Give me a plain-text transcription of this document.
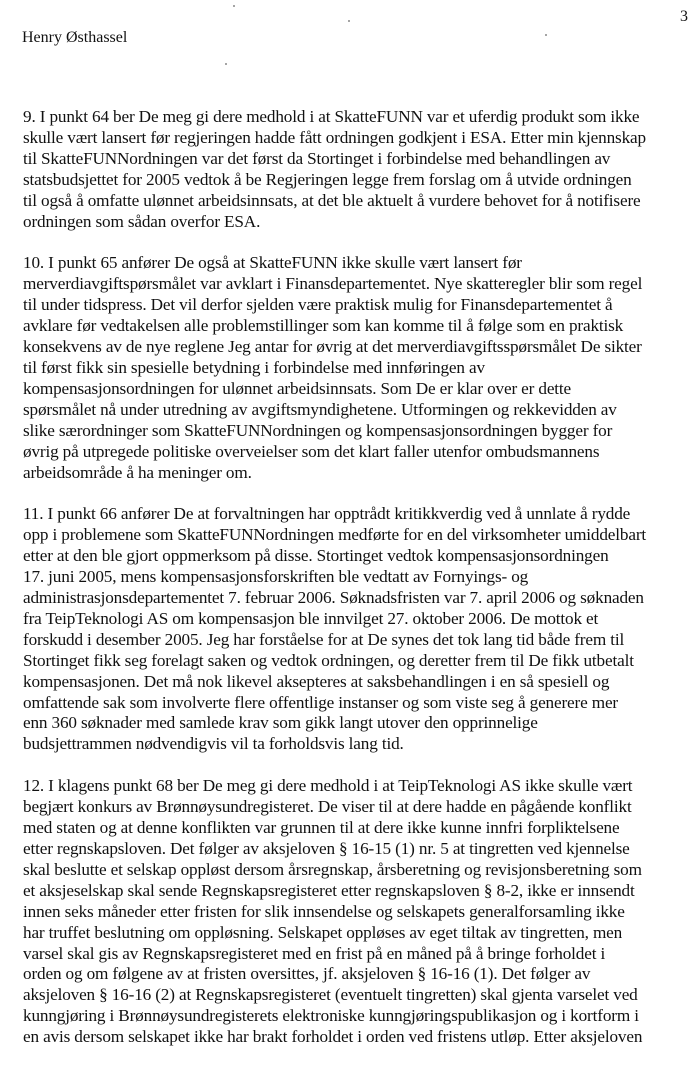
3
Henry Østhassel

9. I punkt 64 ber De meg gi dere medhold i at SkatteFUNN var et uferdig produkt som ikke
skulle vært lansert før regjeringen hadde fått ordningen godkjent i ESA. Etter min kjennskap
til SkatteFUNNordningen var det først da Stortinget i forbindelse med behandlingen av
statsbudsjettet for 2005 vedtok å be Regjeringen legge frem forslag om å utvide ordningen
til også å omfatte ulønnet arbeidsinnsats, at det ble aktuelt å vurdere behovet for å notifisere
ordningen som sådan overfor ESA.

10. I punkt 65 anfører De også at SkatteFUNN ikke skulle vært lansert før
merverdiavgiftspørsmålet var avklart i Finansdepartementet. Nye skatteregler blir som regel
til under tidspress. Det vil derfor sjelden være praktisk mulig for Finansdepartementet å
avklare før vedtakelsen alle problemstillinger som kan komme til å følge som en praktisk
konsekvens av de nye reglene Jeg antar for øvrig at det merverdiavgiftsspørsmålet De sikter
til først fikk sin spesielle betydning i forbindelse med innføringen av
kompensasjonsordningen for ulønnet arbeidsinnsats. Som De er klar over er dette
spørsmålet nå under utredning av avgiftsmyndighetene. Utformingen og rekkevidden av
slike særordninger som SkatteFUNNordningen og kompensasjonsordningen bygger for
øvrig på utpregede politiske overveielser som det klart faller utenfor ombudsmannens
arbeidsområde å ha meninger om.

11. I punkt 66 anfører De at forvaltningen har opptrådt kritikkverdig ved å unnlate å rydde
opp i problemene som SkatteFUNNordningen medførte for en del virksomheter umiddelbart
etter at den ble gjort oppmerksom på disse. Stortinget vedtok kompensasjonsordningen
17. juni 2005, mens kompensasjonsforskriften ble vedtatt av Fornyings- og
administrasjonsdepartementet 7. februar 2006. Søknadsfristen var 7. april 2006 og søknaden
fra TeipTeknologi AS om kompensasjon ble innvilget 27. oktober 2006. De mottok et
forskudd i desember 2005. Jeg har forståelse for at De synes det tok lang tid både frem til
Stortinget fikk seg forelagt saken og vedtok ordningen, og deretter frem til De fikk utbetalt
kompensasjonen. Det må nok likevel aksepteres at saksbehandlingen i en så spesiell og
omfattende sak som involverte flere offentlige instanser og som viste seg å generere mer
enn 360 søknader med samlede krav som gikk langt utover den opprinnelige
budsjettrammen nødvendigvis vil ta forholdsvis lang tid.

12. I klagens punkt 68 ber De meg gi dere medhold i at TeipTeknologi AS ikke skulle vært
begjært konkurs av Brønnøysundregisteret. De viser til at dere hadde en pågående konflikt
med staten og at denne konflikten var grunnen til at dere ikke kunne innfri forpliktelsene
etter regnskapsloven. Det følger av aksjeloven § 16-15 (1) nr. 5 at tingretten ved kjennelse
skal beslutte et selskap oppløst dersom årsregnskap, årsberetning og revisjonsberetning som
et aksjeselskap skal sende Regnskapsregisteret etter regnskapsloven § 8-2, ikke er innsendt
innen seks måneder etter fristen for slik innsendelse og selskapets generalforsamling ikke
har truffet beslutning om oppløsning. Selskapet oppløses av eget tiltak av tingretten, men
varsel skal gis av Regnskapsregisteret med en frist på en måned på å bringe forholdet i
orden og om følgene av at fristen oversittes, jf. aksjeloven § 16-16 (1). Det følger av
aksjeloven § 16-16 (2) at Regnskapsregisteret (eventuelt tingretten) skal gjenta varselet ved
kunngjøring i Brønnøysundregisterets elektroniske kunngjøringspublikasjon og i kortform i
en avis dersom selskapet ikke har brakt forholdet i orden ved fristens utløp. Etter aksjeloven
